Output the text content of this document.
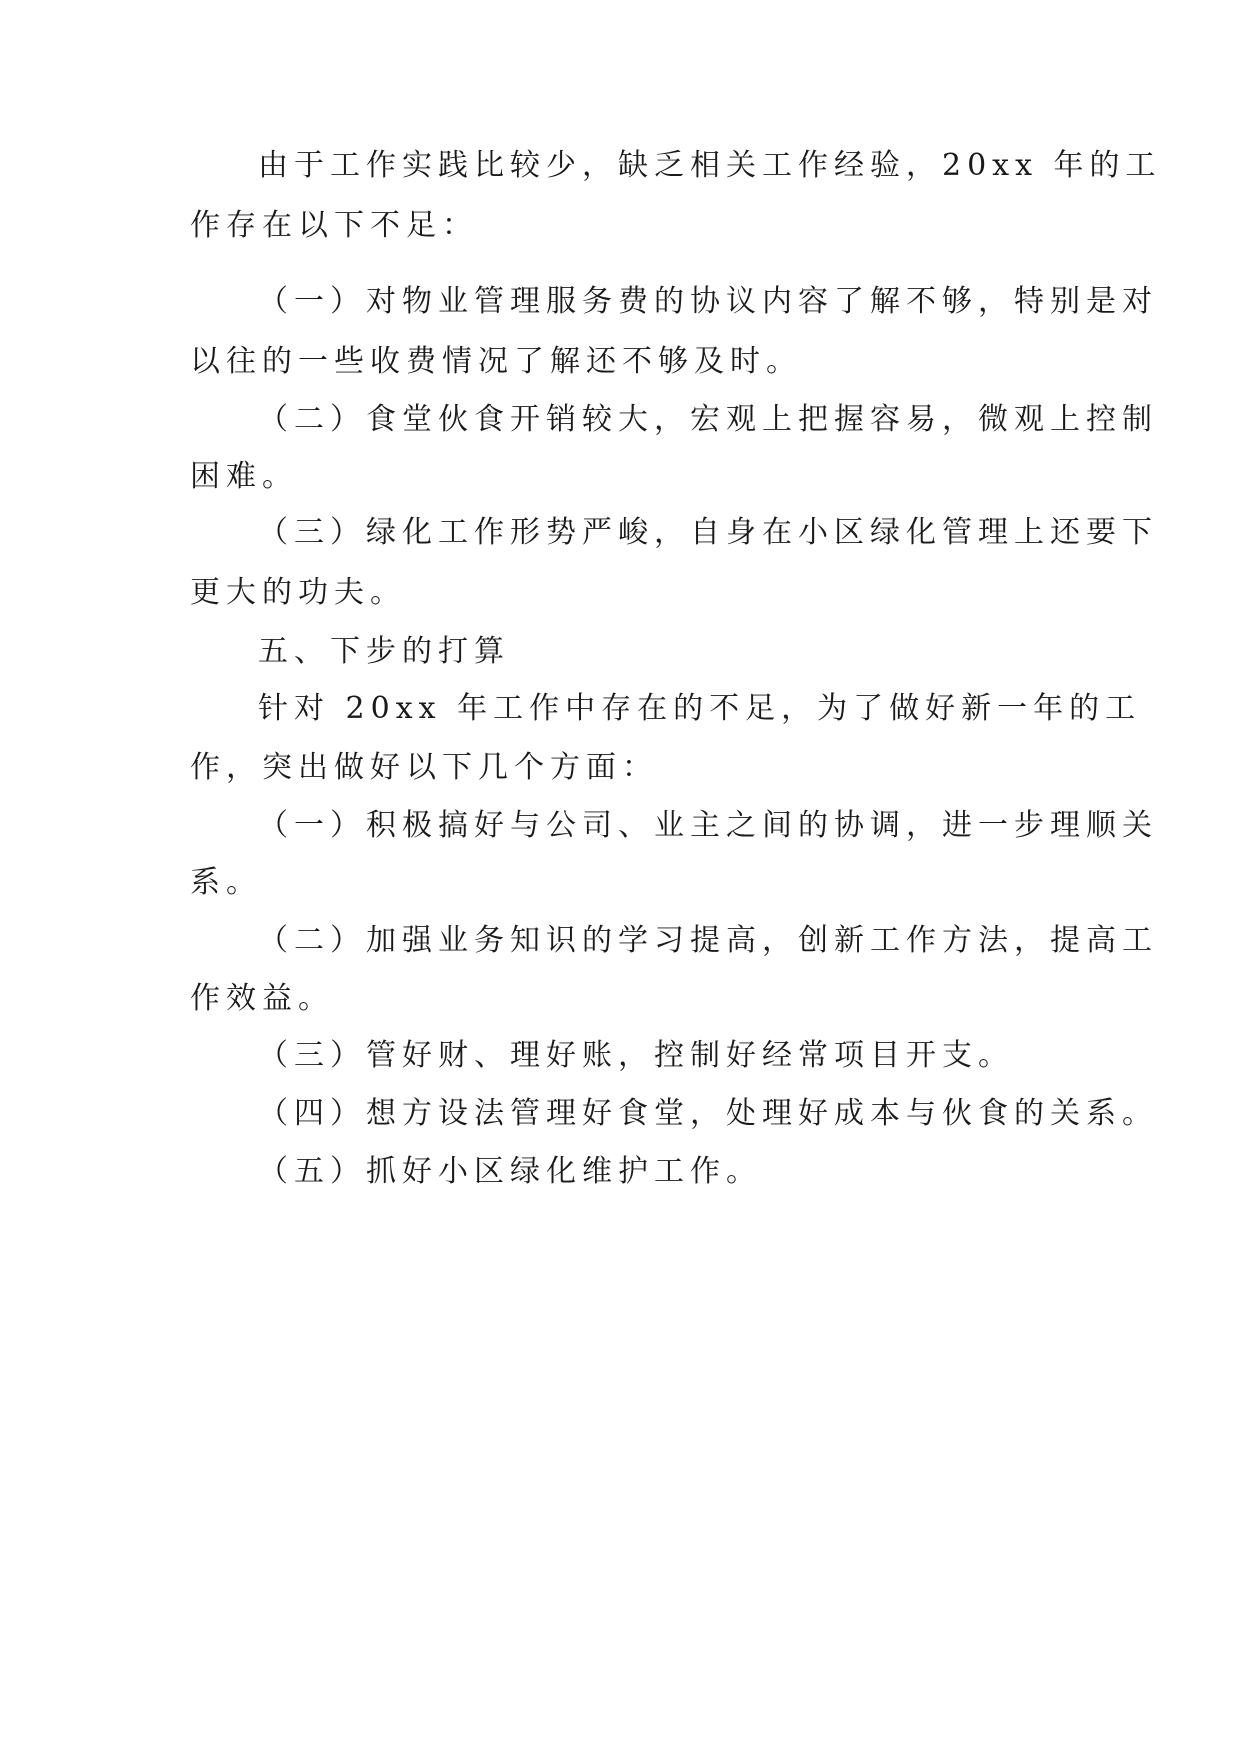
由于工作实践比较少，缺乏相关工作经验，20xx 年的工
作存在以下不足：
（一）对物业管理服务费的协议内容了解不够，特别是对
以往的一些收费情况了解还不够及时。
（二）食堂伙食开销较大，宏观上把握容易，微观上控制
困难。
（三）绿化工作形势严峻，自身在小区绿化管理上还要下
更大的功夫。
五、下步的打算
针对 20xx 年工作中存在的不足，为了做好新一年的工
作，突出做好以下几个方面：
（一）积极搞好与公司、业主之间的协调，进一步理顺关
系。
（二）加强业务知识的学习提高，创新工作方法，提高工
作效益。
（三）管好财、理好账，控制好经常项目开支。
（四）想方设法管理好食堂，处理好成本与伙食的关系。
（五）抓好小区绿化维护工作。
